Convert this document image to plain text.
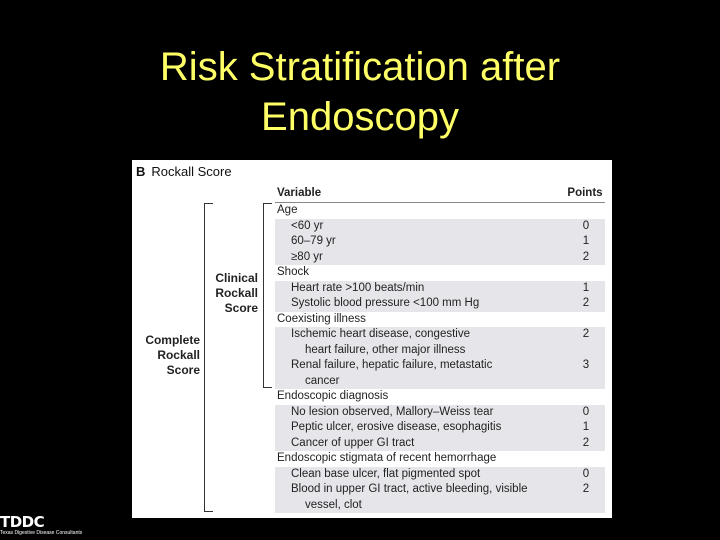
Risk Stratification after
Endoscopy
B Rockall Score
Clinical
Rockall
Score
Complete
Rockall
Score
Variable	Points
Age
<60 yr	0
60–79 yr	1
≥80 yr	2
Shock
Heart rate >100 beats/min	1
Systolic blood pressure <100 mm Hg	2
Coexisting illness
Ischemic heart disease, congestive	2
heart failure, other major illness
Renal failure, hepatic failure, metastatic	3
cancer
Endoscopic diagnosis
No lesion observed, Mallory–Weiss tear	0
Peptic ulcer, erosive disease, esophagitis	1
Cancer of upper GI tract	2
Endoscopic stigmata of recent hemorrhage
Clean base ulcer, flat pigmented spot	0
Blood in upper GI tract, active bleeding, visible	2
vessel, clot
TDDC
Texas Digestive Disease Consultants
